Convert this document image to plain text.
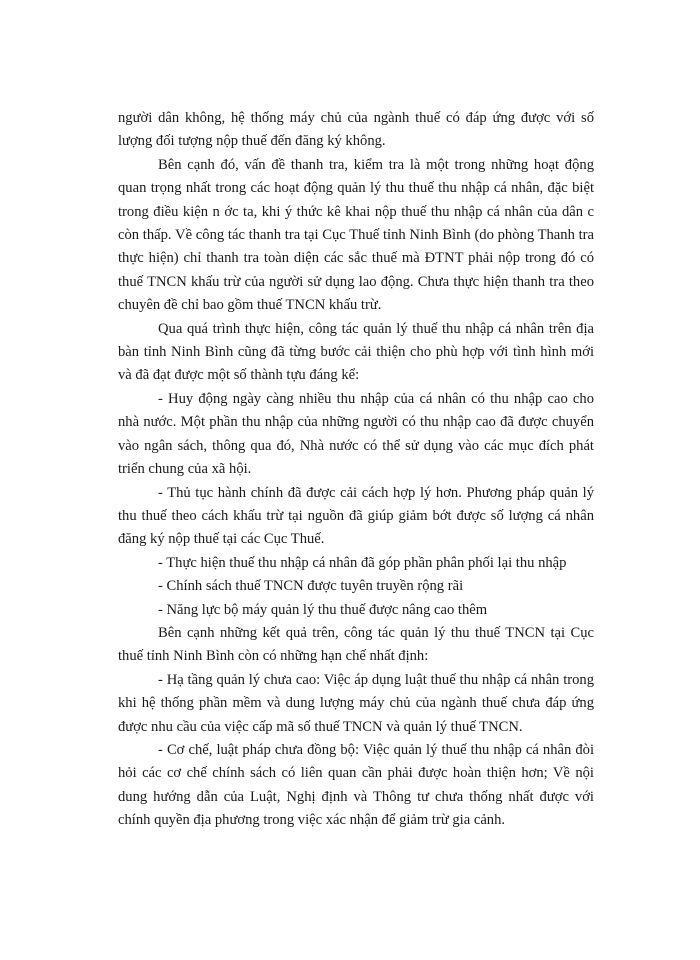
người dân không, hệ thống máy chủ của ngành thuế có đáp ứng được với số lượng đối tượng nộp thuế đến đăng ký không.

Bên cạnh đó, vấn đề thanh tra, kiểm tra là một trong những hoạt động quan trọng nhất trong các hoạt động quản lý thu thuế thu nhập cá nhân, đặc biệt trong điều kiện n ớc ta, khi ý thức kê khai nộp thuế thu nhập cá nhân của dân c còn thấp. Về công tác thanh tra tại Cục Thuế tỉnh Ninh Bình (do phòng Thanh tra thực hiện) chỉ thanh tra toàn diện các sắc thuế mà ĐTNT phải nộp trong đó có thuế TNCN khấu trừ của người sử dụng lao động. Chưa thực hiện thanh tra theo chuyên đề chỉ bao gồm thuế TNCN khấu trừ.

Qua quá trình thực hiện, công tác quản lý thuế thu nhập cá nhân trên địa bàn tỉnh Ninh Bình cũng đã từng bước cải thiện cho phù hợp với tình hình mới và đã đạt được một số thành tựu đáng kể:

- Huy động ngày càng nhiều thu nhập của cá nhân có thu nhập cao cho nhà nước. Một phần thu nhập của những người có thu nhập cao đã được chuyển vào ngân sách, thông qua đó, Nhà nước có thể sử dụng vào các mục đích phát triển chung của xã hội.

- Thủ tục hành chính đã được cải cách hợp lý hơn. Phương pháp quản lý thu thuế theo cách khấu trừ tại nguồn đã giúp giảm bớt được số lượng cá nhân đăng ký nộp thuế tại các Cục Thuế.

- Thực hiện thuế thu nhập cá nhân đã góp phần phân phối lại thu nhập

- Chính sách thuế TNCN được tuyên truyền rộng rãi

- Năng lực bộ máy quản lý thu thuế được nâng cao thêm

Bên cạnh những kết quả trên, công tác quản lý thu thuế TNCN tại Cục thuế tỉnh Ninh Bình còn có những hạn chế nhất định:

- Hạ tầng quản lý chưa cao: Việc áp dụng luật thuế thu nhập cá nhân trong khi hệ thống phần mềm và dung lượng máy chủ của ngành thuế chưa đáp ứng được nhu cầu của việc cấp mã số thuế TNCN và quản lý thuế TNCN.

- Cơ chế, luật pháp chưa đồng bộ: Việc quản lý thuế thu nhập cá nhân đòi hỏi các cơ chế chính sách có liên quan cần phải được hoàn thiện hơn; Về nội dung hướng dẫn của Luật, Nghị định và Thông tư chưa thống nhất được với chính quyền địa phương trong việc xác nhận để giảm trừ gia cảnh.
